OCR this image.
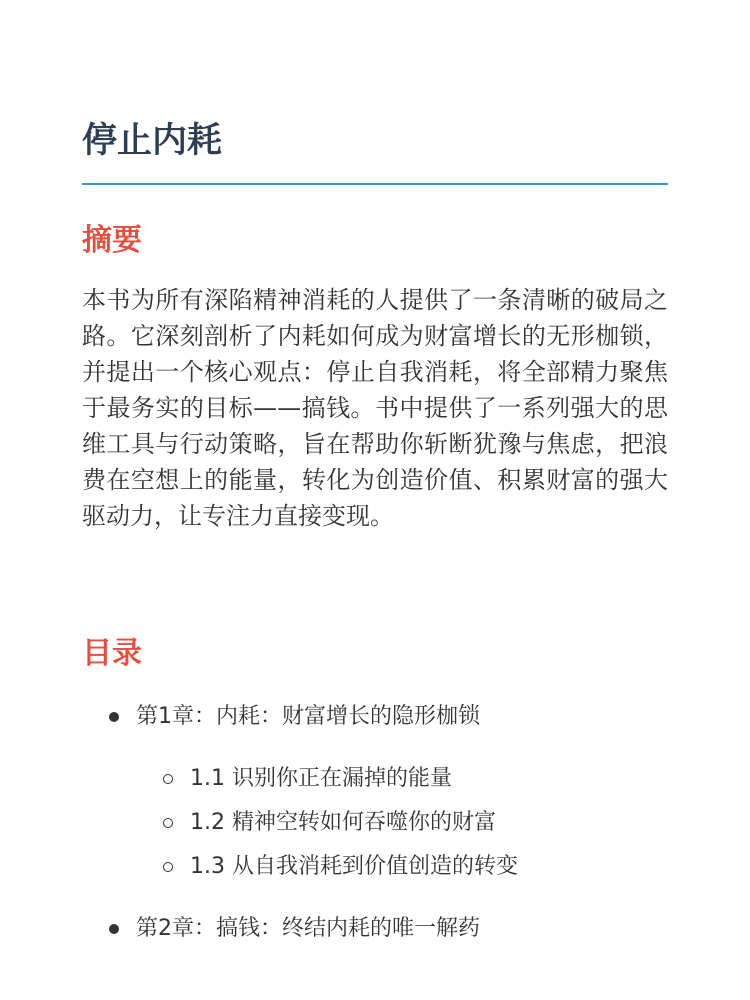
停止内耗
摘要

本书为所有深陷精神消耗的人提供了一条清晰的破局之路。它深刻剖析了内耗如何成为财富增长的无形枷锁，并提出一个核心观点：停止自我消耗，将全部精力聚焦于最务实的目标——搞钱。书中提供了一系列强大的思维工具与行动策略，旨在帮助你斩断犹豫与焦虑，把浪费在空想上的能量，转化为创造价值、积累财富的强大驱动力，让专注力直接变现。

目录
第1章：内耗：财富增长的隐形枷锁
1.1 识别你正在漏掉的能量
1.2 精神空转如何吞噬你的财富
1.3 从自我消耗到价值创造的转变
第2章：搞钱：终结内耗的唯一解药
